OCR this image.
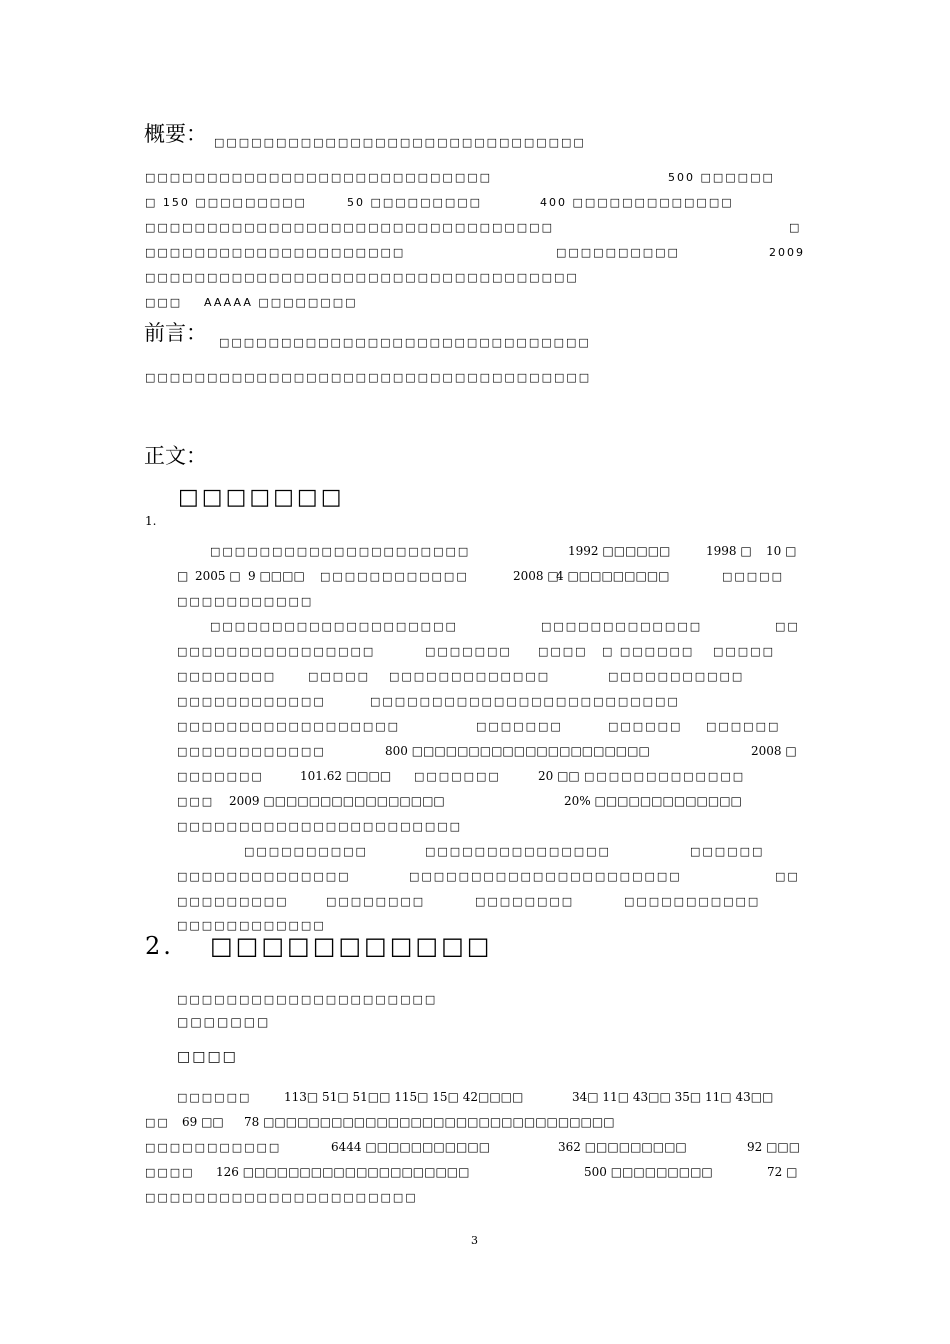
概要： □□□□□□□□□□□□□□□□□□□□□□□□□□□□□□
□□□□□□□□□□□□□□□□□□□□□□□□□□□□	500 □□□□□□
□ 150 □□□□□□□□□	50 □□□□□□□□□	400 □□□□□□□□□□□□□
□□□□□□□□□□□□□□□□□□□□□□□□□□□□□□□□□	□
□□□□□□□□□□□□□□□□□□□□□	□□□□□□□□□□	2009
□□□□□□□□□□□□□□□□□□□□□□□□□□□□□□□□□□□
□□□ AAAAA □□□□□□□□
前言： □□□□□□□□□□□□□□□□□□□□□□□□□□□□□□
□□□□□□□□□□□□□□□□□□□□□□□□□□□□□□□□□□□□
正文：
□□□□□□□
1.
□□□□□□□□□□□□□□□□□□□□□	1992 □□□□□□	1998 □ 10 □
□ 2005 □ 9 □□□□ □□□□□□□□□□□□	2008 □
4 □□□□□□□□□	□□□□□
□□□□□□□□□□□
□□□□□□□□□□□□□□□□□□□□	□□□□□□□□□□□□□	□□
□□□□□□□□□□□□□□□□	□□□□□□□ □□□□ □ □□□□□□ □□□□□
□□□□□□□□	□□□□□ □□□□□□□□□□□□□	□□□□□□□□□□□
□□□□□□□□□□□□	□□□□□□□□□□□□□□□□□□□□□□□□□
□□□□□□□□□□□□□□□□□□	□□□□□□□	□□□□□□ □□□□□□
□□□□□□□□□□□□	800 □□□□□□□□□□□□□□□□□□□□□	2008 □
□□□□□□□	101.62 □□□□ □□□□□□□	20 □□ □□□□□□□□□□□□□
□□□ 2009 □□□□□□□□□□□□□□□□	20% □□□□□□□□□□□□□
□□□□□□□□□□□□□□□□□□□□□□□
□□□□□□□□□□	□□□□□□□□□□□□□□□	□□□□□□
□□□□□□□□□□□□□□	□□□□□□□□□□□□□□□□□□□□□□	□□
□□□□□□□□□	□□□□□□□□	□□□□□□□□	□□□□□□□□□□□
□□□□□□□□□□□□
2. □□□□□□□□□□□
□□□□□□□□□□□□□□□□□□□□□
□□□□□□□
□□□□
□□□□□□	113□ 51□ 51□□ 115□ 15□ 42□□□□	34□ 11□ 43□□ 35□ 11□ 43□□
□□ 69 □□ 78 □□□□□□□□□□□□□□□□□□□□□□□□□□□□□□□
□□□□□□□□□□□	6444 □□□□□□□□□□□	362 □□□□□□□□□	92 □□□
□□□□ 126 □□□□□□□□□□□□□□□□□□□□	500 □□□□□□□□□	72 □
□□□□□□□□□□□□□□□□□□□□□□
3
